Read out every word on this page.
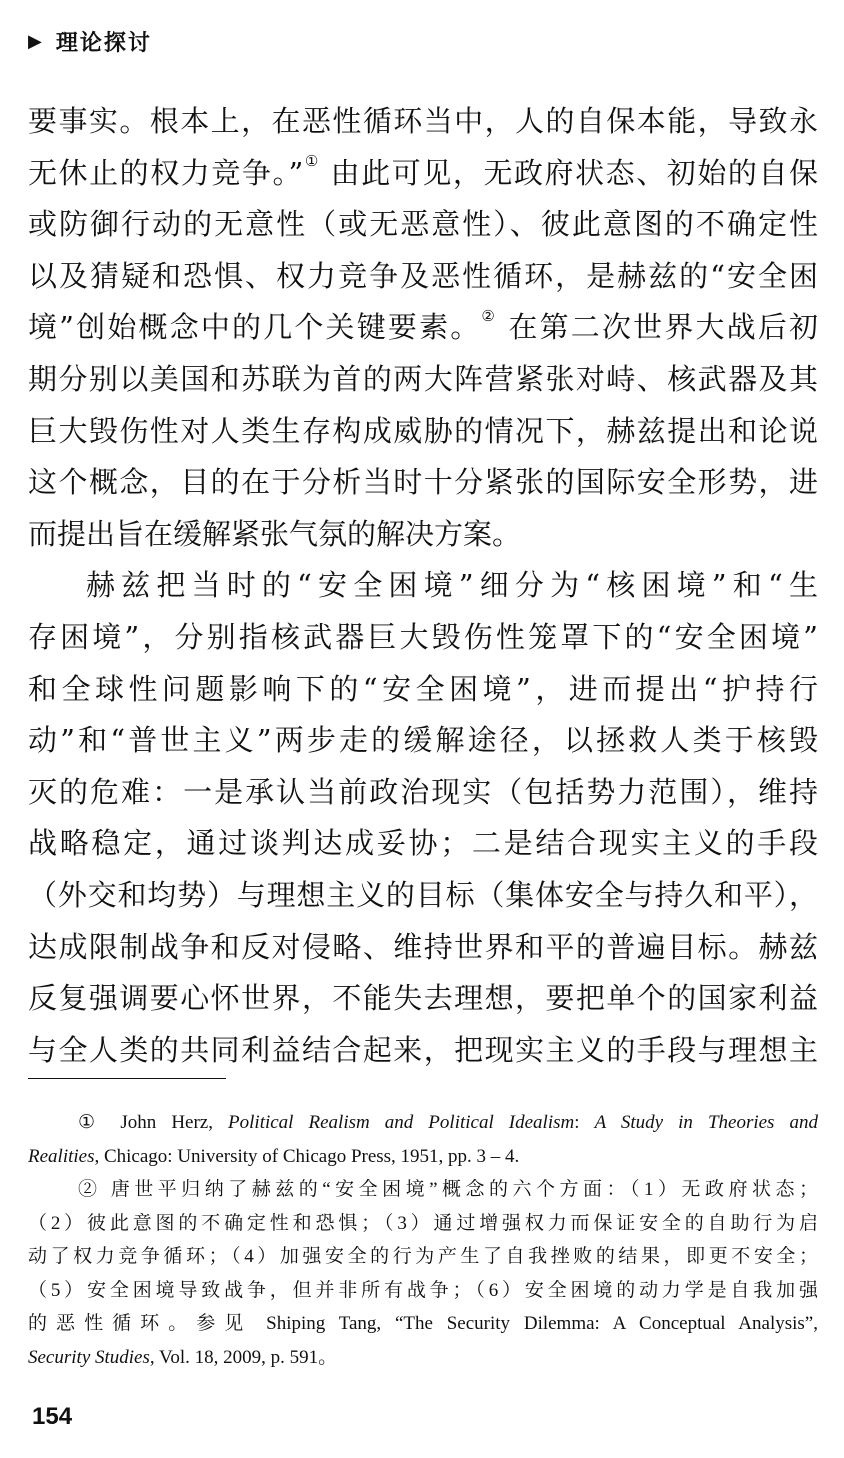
▶ 理论探讨
要事实。根本上，在恶性循环当中，人的自保本能，导致永
无休止的权力竞争。”① 由此可见，无政府状态、初始的自保
或防御行动的无意性（或无恶意性）、彼此意图的不确定性
以及猜疑和恐惧、权力竞争及恶性循环，是赫兹的“安全困
境”创始概念中的几个关键要素。② 在第二次世界大战后初
期分别以美国和苏联为首的两大阵营紧张对峙、核武器及其
巨大毁伤性对人类生存构成威胁的情况下，赫兹提出和论说
这个概念，目的在于分析当时十分紧张的国际安全形势，进
而提出旨在缓解紧张气氛的解决方案。
赫兹把当时的“安全困境”细分为“核困境”和“生
存困境”，分别指核武器巨大毁伤性笼罩下的“安全困境”
和全球性问题影响下的“安全困境”，进而提出“护持行
动”和“普世主义”两步走的缓解途径，以拯救人类于核毁
灭的危难：一是承认当前政治现实（包括势力范围），维持
战略稳定，通过谈判达成妥协；二是结合现实主义的手段
（外交和均势）与理想主义的目标（集体安全与持久和平），
达成限制战争和反对侵略、维持世界和平的普遍目标。赫兹
反复强调要心怀世界，不能失去理想，要把单个的国家利益
与全人类的共同利益结合起来，把现实主义的手段与理想主
① John Herz, Political Realism and Political Idealism: A Study in Theories and
Realities, Chicago: University of Chicago Press, 1951, pp. 3 – 4.
② 唐世平归纳了赫兹的“安全困境”概念的六个方面：（1）无政府状态；
（2）彼此意图的不确定性和恐惧；（3）通过增强权力而保证安全的自助行为启
动了权力竞争循环；（4）加强安全的行为产生了自我挫败的结果，即更不安全；
（5）安全困境导致战争，但并非所有战争；（6）安全困境的动力学是自我加强
的恶性循环。参见 Shiping Tang, “The Security Dilemma: A Conceptual Analysis”,
Security Studies, Vol. 18, 2009, p. 591。
154
